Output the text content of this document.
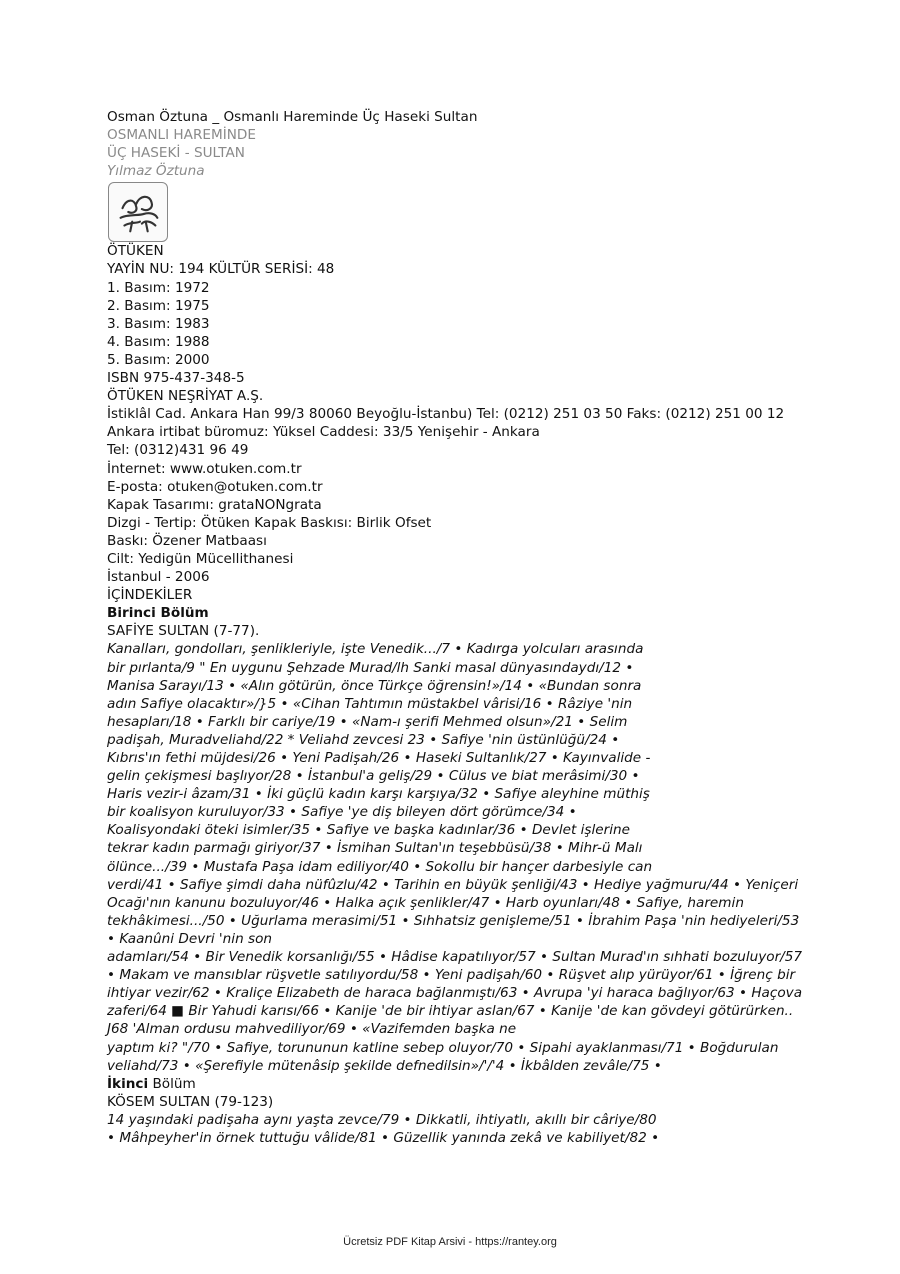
Osman Öztuna _ Osmanlı Hareminde Üç Haseki Sultan
OSMANLI HAREMİNDE
ÜÇ HASEKİ - SULTAN
Yılmaz Öztuna
ÖTÜKEN
YAYİN NU: 194 KÜLTÜR SERİSİ: 48
1. Basım: 1972
2. Basım: 1975
3. Basım: 1983
4. Basım: 1988
5. Basım: 2000
ISBN 975-437-348-5
ÖTÜKEN NEŞRİYAT A.Ş.
İstiklâl Cad. Ankara Han 99/3 80060 Beyoğlu-İstanbu) Tel: (0212) 251 03 50 Faks: (0212) 251 00 12
Ankara irtibat büromuz: Yüksel Caddesi: 33/5 Yenişehir - Ankara
Tel: (0312)431 96 49
İnternet: www.otuken.com.tr
E-posta: otuken@otuken.com.tr
Kapak Tasarımı: grataNONgrata
Dizgi - Tertip: Ötüken Kapak Baskısı: Birlik Ofset
Baskı: Özener Matbaası
Cilt: Yedigün Mücellithanesi
İstanbul - 2006
İÇİNDEKİLER
Birinci Bölüm
SAFİYE SULTAN (7-77).
Kanalları, gondolları, şenlikleriyle, işte Venedik.../7 • Kadırga yolcuları arasında
bir pırlanta/9 " En uygunu Şehzade Murad/lh Sanki masal dünyasındaydı/12 •
Manisa Sarayı/13 • «Alın götürün, önce Türkçe öğrensin!»/14 • «Bundan sonra
adın Safiye olacaktır»/}5 • «Cihan Tahtımın müstakbel vârisi/16 • Râziye 'nin
hesapları/18 • Farklı bir cariye/19 • «Nam-ı şerifi Mehmed olsun»/21 • Selim
padişah, Muradveliahd/22 * Veliahd zevcesi 23 • Safiye 'nin üstünlüğü/24 •
Kıbrıs'ın fethi müjdesi/26 • Yeni Padişah/26 • Haseki Sultanlık/27 • Kayınvalide -
gelin çekişmesi başlıyor/28 • İstanbul'a geliş/29 • Cülus ve biat merâsimi/30 •
Haris vezir-i âzam/31 • İki güçlü kadın karşı karşıya/32 • Safiye aleyhine müthiş
bir koalisyon kuruluyor/33 • Safiye 'ye diş bileyen dört görümce/34 •
Koalisyondaki öteki isimler/35 • Safiye ve başka kadınlar/36 • Devlet işlerine
tekrar kadın parmağı giriyor/37 • İsmihan Sultan'ın teşebbüsü/38 • Mihr-ü Malı
ölünce.../39 • Mustafa Paşa idam ediliyor/40 • Sokollu bir hançer darbesiyle can
verdi/41 • Safiye şimdi daha nüfûzlu/42 • Tarihin en büyük şenliği/43 • Hediye yağmuru/44 • Yeniçeri
Ocağı'nın kanunu bozuluyor/46 • Halka açık şenlikler/47 • Harb oyunları/48 • Safiye, haremin
tekhâkimesi.../50 • Uğurlama merasimi/51 • Sıhhatsiz genişleme/51 • İbrahim Paşa 'nin hediyeleri/53
• Kaanûni Devri 'nin son
adamları/54 • Bir Venedik korsanlığı/55 • Hâdise kapatılıyor/57 • Sultan Murad'ın sıhhati bozuluyor/57
• Makam ve mansıblar rüşvetle satılıyordu/58 • Yeni padişah/60 • Rüşvet alıp yürüyor/61 • İğrenç bir
ihtiyar vezir/62 • Kraliçe Elizabeth de haraca bağlanmıştı/63 • Avrupa 'yi haraca bağlıyor/63 • Haçova
zaferi/64 ■ Bir Yahudi karısı/66 • Kanije 'de bir ihtiyar aslan/67 • Kanije 'de kan gövdeyi götürürken..
J68 'Alman ordusu mahvediliyor/69 • «Vazifemden başka ne
yaptım ki? "/70 • Safiye, torununun katline sebep oluyor/70 • Sipahi ayaklanması/71 • Boğdurulan
veliahd/73 • «Şerefiyle mütenâsip şekilde defnedilsin»/'/'4 • İkbâlden zevâle/75 •
İkinci Bölüm
KÖSEM SULTAN (79-123)
14 yaşındaki padişaha aynı yaşta zevce/79 • Dikkatli, ihtiyatlı, akıllı bir câriye/80
• Mâhpeyher'in örnek tuttuğu vâlide/81 • Güzellik yanında zekâ ve kabiliyet/82 •
Ücretsiz PDF Kitap Arsivi - https://rantey.org
